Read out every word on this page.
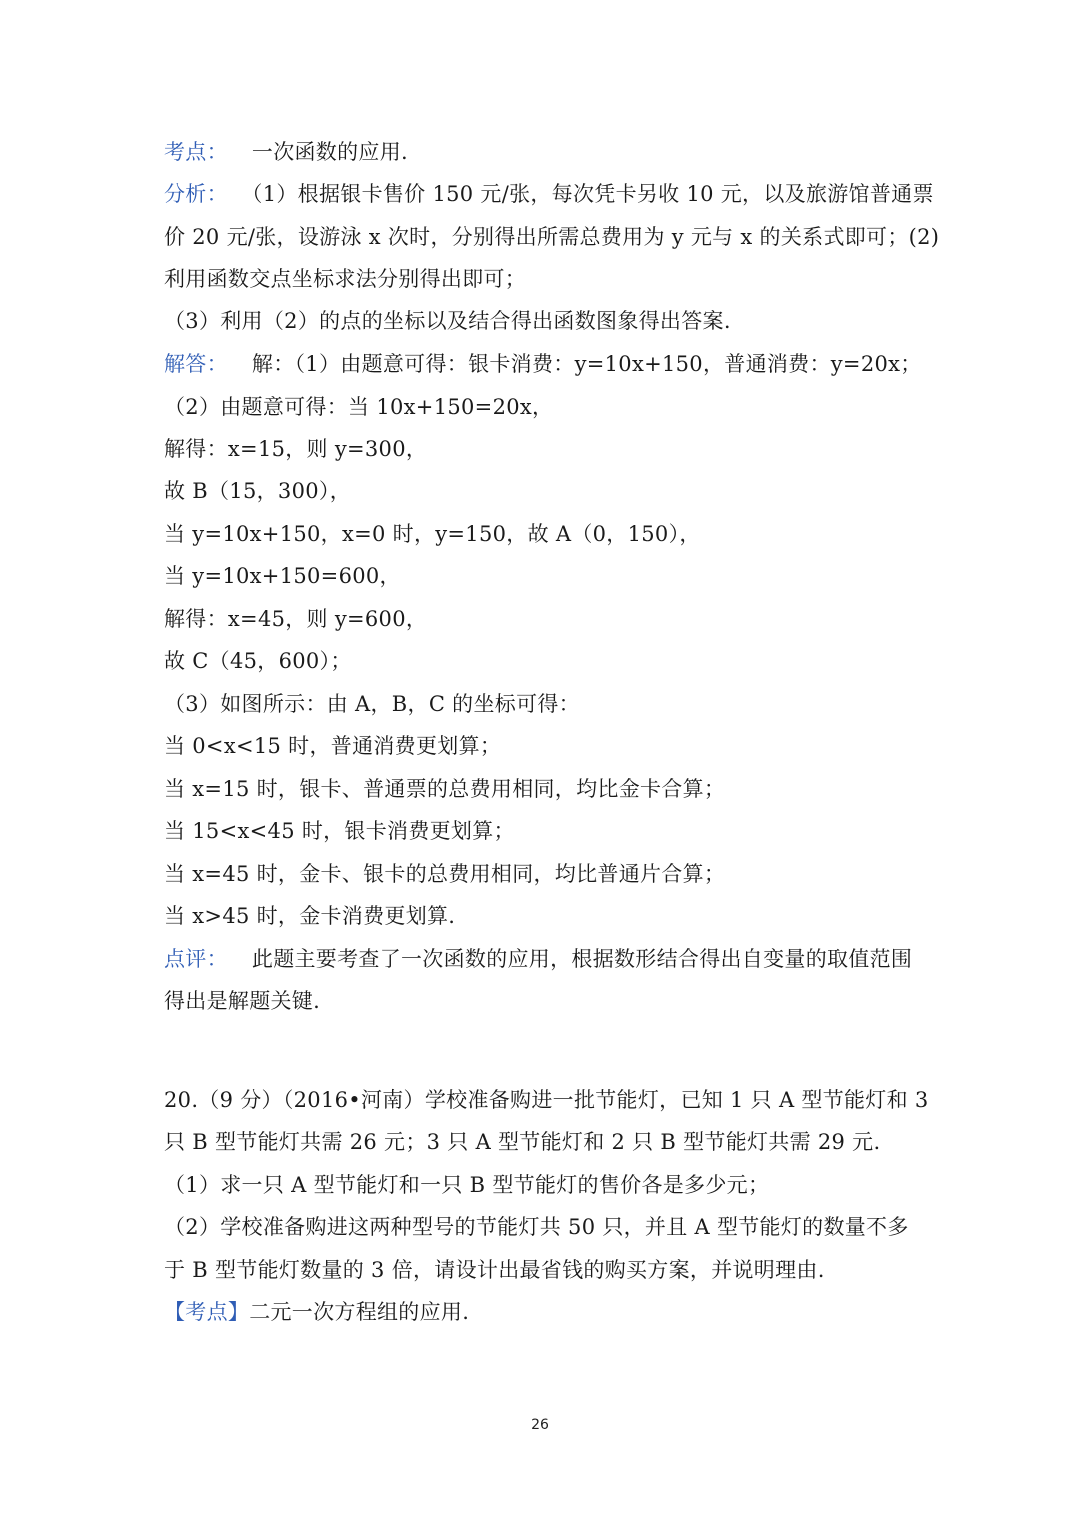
考点： 一次函数的应用.
分析： （1）根据银卡售价 150 元/张，每次凭卡另收 10 元，以及旅游馆普通票
价 20 元/张，设游泳 x 次时，分别得出所需总费用为 y 元与 x 的关系式即可；(2)
利用函数交点坐标求法分别得出即可；
（3）利用（2）的点的坐标以及结合得出函数图象得出答案.
解答： 解：（1）由题意可得：银卡消费：y=10x+150，普通消费：y=20x；
（2）由题意可得：当 10x+150=20x，
解得：x=15，则 y=300，
故 B（15，300），
当 y=10x+150，x=0 时，y=150，故 A（0，150），
当 y=10x+150=600，
解得：x=45，则 y=600，
故 C（45，600）；
（3）如图所示：由 A，B，C 的坐标可得：
当 0<x<15 时，普通消费更划算；
当 x=15 时，银卡、普通票的总费用相同，均比金卡合算；
当 15<x<45 时，银卡消费更划算；
当 x=45 时，金卡、银卡的总费用相同，均比普通片合算；
当 x>45 时，金卡消费更划算.
点评： 此题主要考查了一次函数的应用，根据数形结合得出自变量的取值范围
得出是解题关键.
20.（9 分）（2016•河南）学校准备购进一批节能灯，已知 1 只 A 型节能灯和 3
只 B 型节能灯共需 26 元；3 只 A 型节能灯和 2 只 B 型节能灯共需 29 元.
（1）求一只 A 型节能灯和一只 B 型节能灯的售价各是多少元；
（2）学校准备购进这两种型号的节能灯共 50 只，并且 A 型节能灯的数量不多
于 B 型节能灯数量的 3 倍，请设计出最省钱的购买方案，并说明理由.
【考点】二元一次方程组的应用.
26
